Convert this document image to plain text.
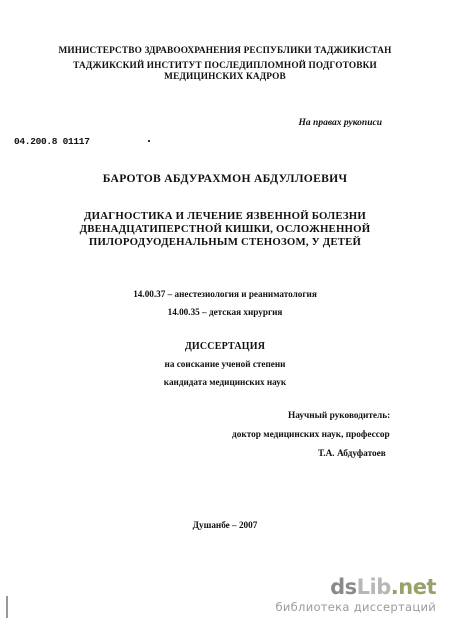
МИНИСТЕРСТВО ЗДРАВООХРАНЕНИЯ РЕСПУБЛИКИ ТАДЖИКИСТАН
ТАДЖИКСКИЙ ИНСТИТУТ ПОСЛЕДИПЛОМНОЙ ПОДГОТОВКИ
МЕДИЦИНСКИХ КАДРОВ
На правах рукописи
04.200.8 01117
БАРОТОВ АБДУРАХМОН АБДУЛЛОЕВИЧ
ДИАГНОСТИКА И ЛЕЧЕНИЕ ЯЗВЕННОЙ БОЛЕЗНИ
ДВЕНАДЦАТИПЕРСТНОЙ КИШКИ, ОСЛОЖНЕННОЙ
ПИЛОРОДУОДЕНАЛЬНЫМ СТЕНОЗОМ, У ДЕТЕЙ
14.00.37 – анестезиология и реаниматология
14.00.35 – детская хирургия
ДИССЕРТАЦИЯ
на соискание ученой степени
кандидата медицинских наук
Научный руководитель:
доктор медицинских наук, профессор
Т.А. Абдуфатоев
Душанбе – 2007
dsLib.net
библиотека диссертаций
